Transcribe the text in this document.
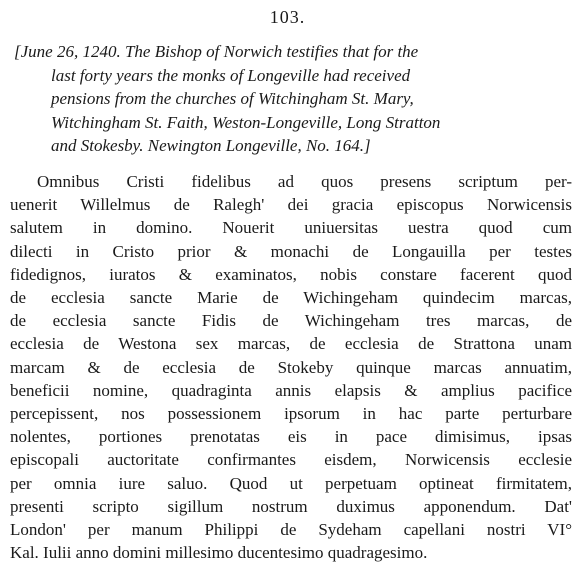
103.
[June 26, 1240. The Bishop of Norwich testifies that for the
last forty years the monks of Longeville had received
pensions from the churches of Witchingham St. Mary,
Witchingham St. Faith, Weston-Longeville, Long Stratton
and Stokesby. Newington Longeville, No. 164.]
Omnibus Cristi fidelibus ad quos presens scriptum per-
uenerit Willelmus de Ralegh' dei gracia episcopus Norwicensis
salutem in domino. Nouerit uniuersitas uestra quod cum
dilecti in Cristo prior & monachi de Longauilla per testes
fidedignos, iuratos & examinatos, nobis constare facerent quod
de ecclesia sancte Marie de Wichingeham quindecim marcas,
de ecclesia sancte Fidis de Wichingeham tres marcas, de
ecclesia de Westona sex marcas, de ecclesia de Strattona unam
marcam & de ecclesia de Stokeby quinque marcas annuatim,
beneficii nomine, quadraginta annis elapsis & amplius pacifice
percepissent, nos possessionem ipsorum in hac parte perturbare
nolentes, portiones prenotatas eis in pace dimisimus, ipsas
episcopali auctoritate confirmantes eisdem, Norwicensis ecclesie
per omnia iure saluo. Quod ut perpetuam optineat firmitatem,
presenti scripto sigillum nostrum duximus apponendum. Dat'
London' per manum Philippi de Sydeham capellani nostri VI°
Kal. Iulii anno domini millesimo ducentesimo quadragesimo.
